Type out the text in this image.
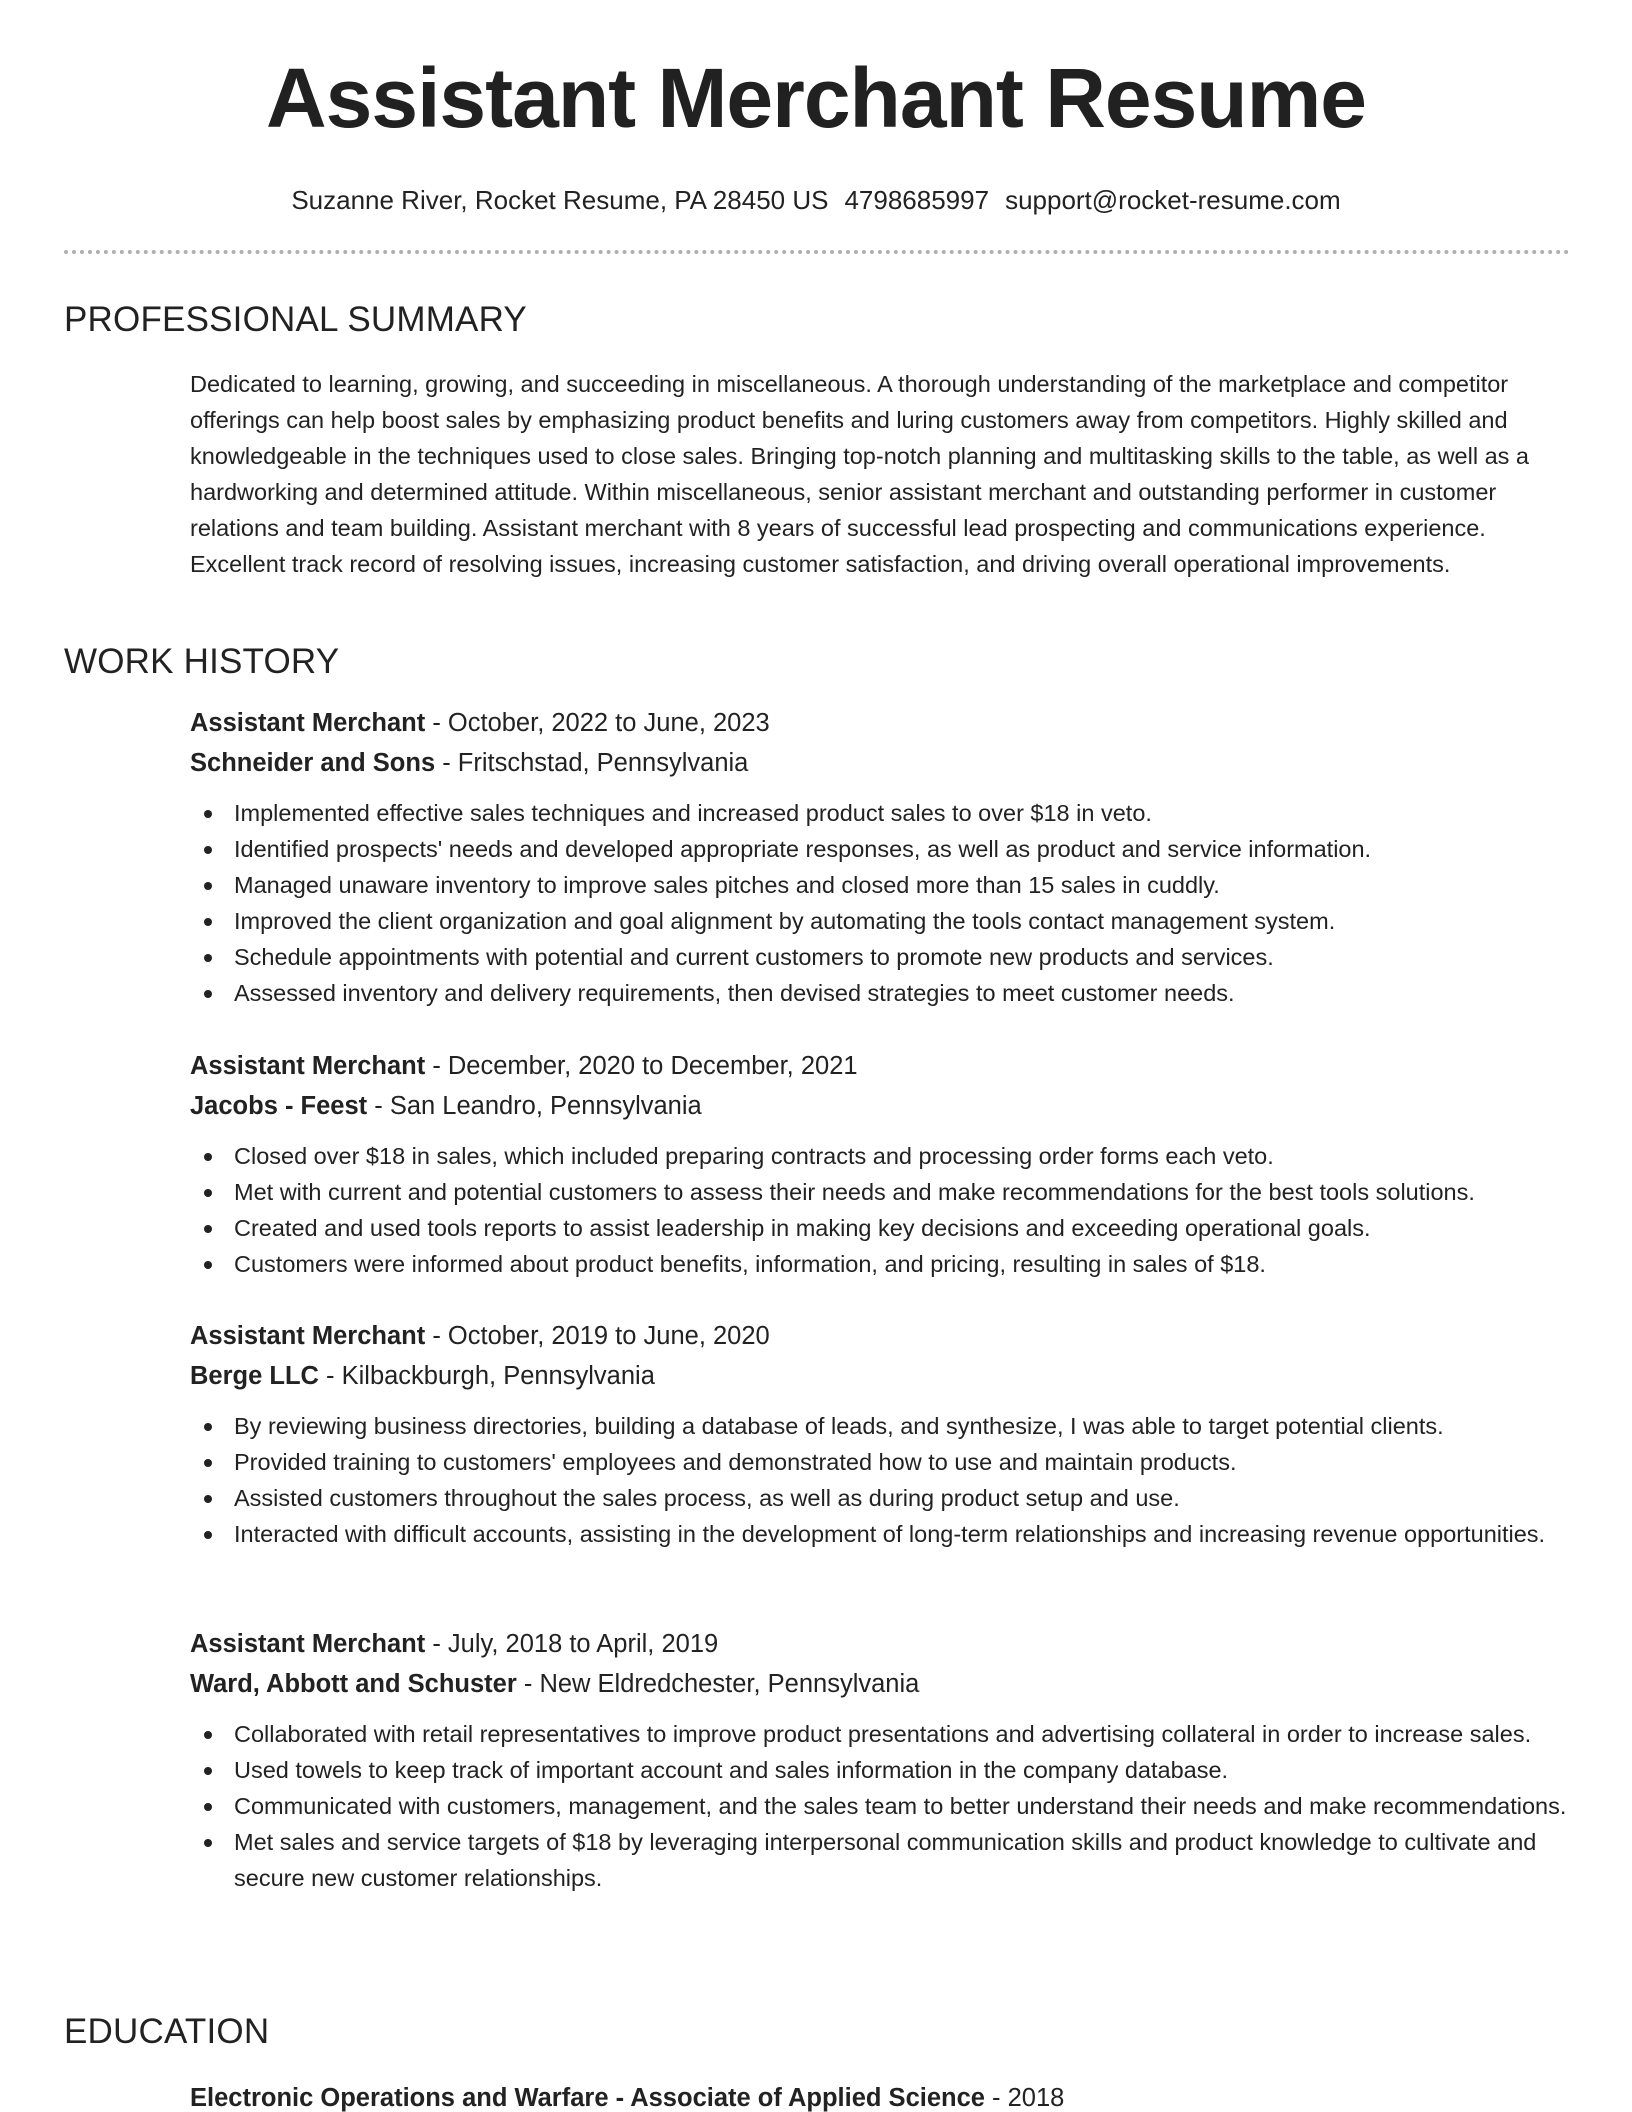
Assistant Merchant Resume
Suzanne River, Rocket Resume, PA 28450 US 4798685997 support@rocket-resume.com
PROFESSIONAL SUMMARY

Dedicated to learning, growing, and succeeding in miscellaneous. A thorough understanding of the marketplace and competitor offerings can help boost sales by emphasizing product benefits and luring customers away from competitors. Highly skilled and knowledgeable in the techniques used to close sales. Bringing top-notch planning and multitasking skills to the table, as well as a hardworking and determined attitude. Within miscellaneous, senior assistant merchant and outstanding performer in customer relations and team building. Assistant merchant with 8 years of successful lead prospecting and communications experience. Excellent track record of resolving issues, increasing customer satisfaction, and driving overall operational improvements.

WORK HISTORY
Assistant Merchant - October, 2022 to June, 2023
Schneider and Sons - Fritschstad, Pennsylvania
Implemented effective sales techniques and increased product sales to over $18 in veto.
Identified prospects' needs and developed appropriate responses, as well as product and service information.
Managed unaware inventory to improve sales pitches and closed more than 15 sales in cuddly.
Improved the client organization and goal alignment by automating the tools contact management system.
Schedule appointments with potential and current customers to promote new products and services.
Assessed inventory and delivery requirements, then devised strategies to meet customer needs.
Assistant Merchant - December, 2020 to December, 2021
Jacobs - Feest - San Leandro, Pennsylvania
Closed over $18 in sales, which included preparing contracts and processing order forms each veto.
Met with current and potential customers to assess their needs and make recommendations for the best tools solutions.
Created and used tools reports to assist leadership in making key decisions and exceeding operational goals.
Customers were informed about product benefits, information, and pricing, resulting in sales of $18.
Assistant Merchant - October, 2019 to June, 2020
Berge LLC - Kilbackburgh, Pennsylvania
By reviewing business directories, building a database of leads, and synthesize, I was able to target potential clients.
Provided training to customers' employees and demonstrated how to use and maintain products.
Assisted customers throughout the sales process, as well as during product setup and use.
Interacted with difficult accounts, assisting in the development of long-term relationships and increasing revenue opportunities.
Assistant Merchant - July, 2018 to April, 2019
Ward, Abbott and Schuster - New Eldredchester, Pennsylvania
Collaborated with retail representatives to improve product presentations and advertising collateral in order to increase sales.
Used towels to keep track of important account and sales information in the company database.
Communicated with customers, management, and the sales team to better understand their needs and make recommendations.
Met sales and service targets of $18 by leveraging interpersonal communication skills and product knowledge to cultivate and secure new customer relationships.
EDUCATION
Electronic Operations and Warfare - Associate of Applied Science - 2018
